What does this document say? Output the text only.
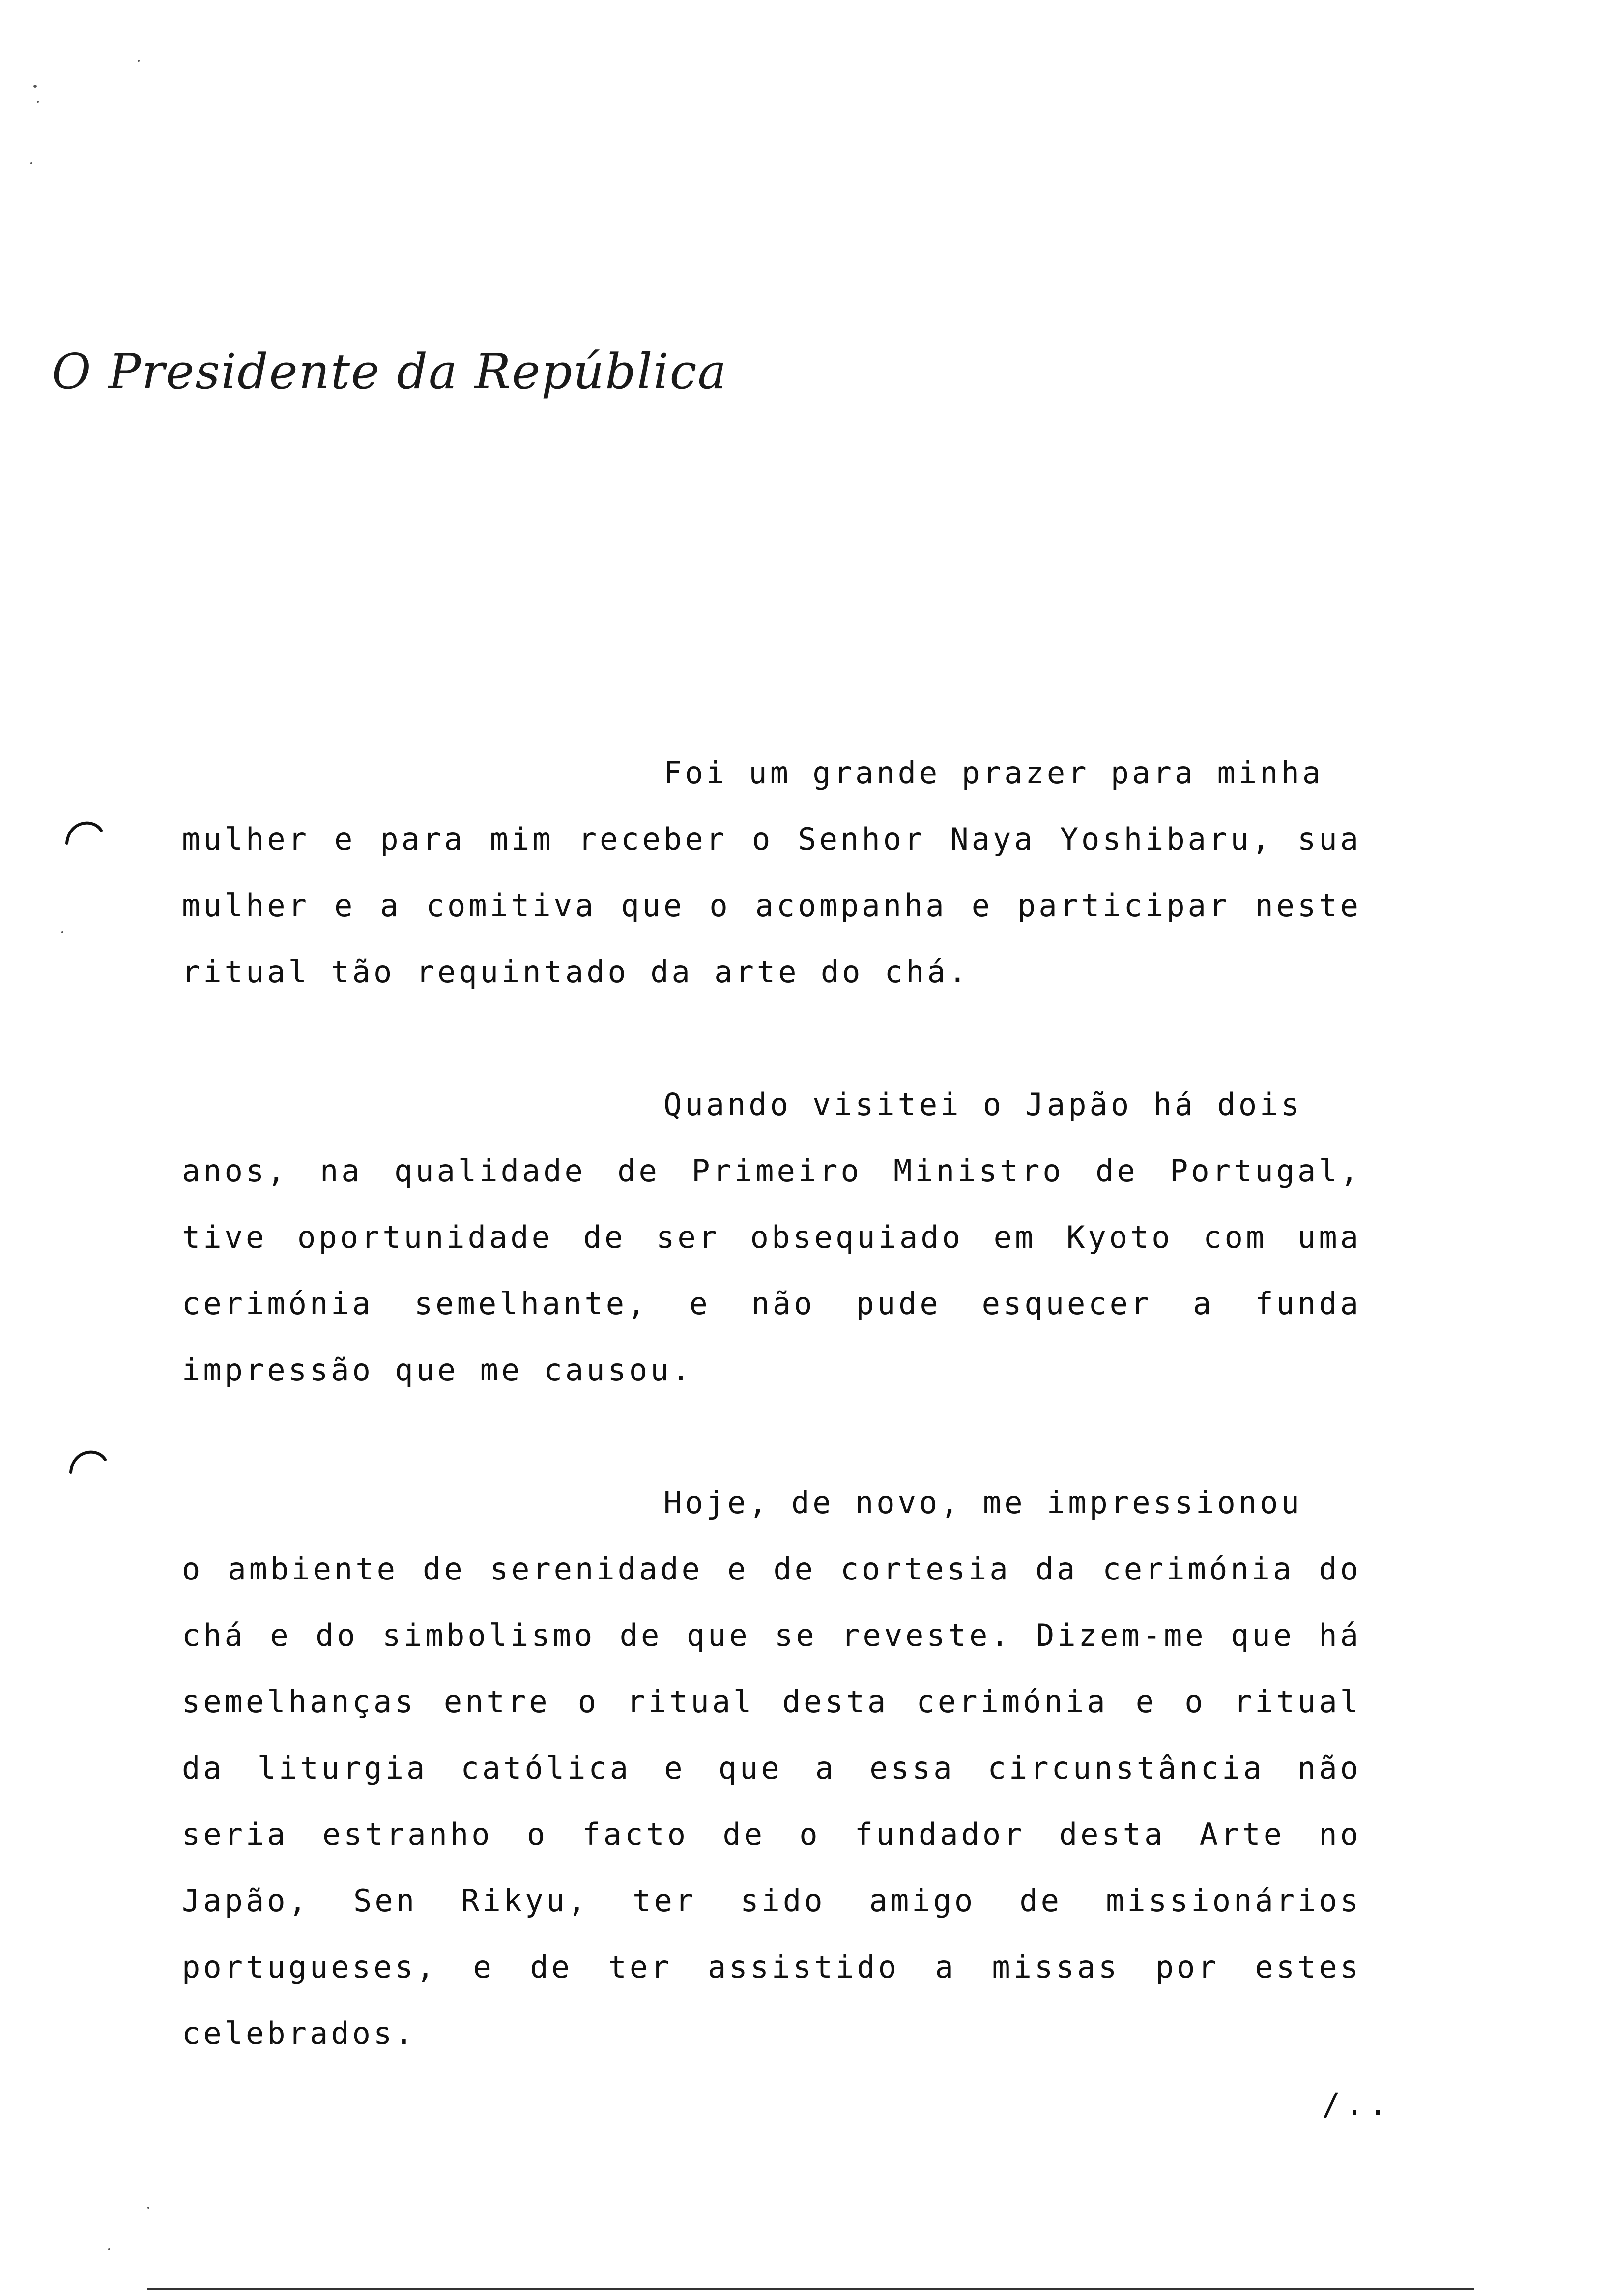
O Presidente da República

Foi um grande prazer para minha
mulher e para mim receber o Senhor Naya Yoshibaru, sua mulher e a comitiva que o acompanha e participar neste ritual tão requintado da arte do chá.

Quando visitei o Japão há dois
anos, na qualidade de Primeiro Ministro de Portugal, tive oportunidade de ser obsequiado em Kyoto com uma cerimónia semelhante, e não pude esquecer a funda impressão que me causou.

Hoje, de novo, me impressionou
o ambiente de serenidade e de cortesia da cerimónia do chá e do simbolismo de que se reveste. Dizem-me que há semelhanças entre o ritual desta cerimónia e o ritual da liturgia católica e que a essa circunstância não seria estranho o facto de o fundador desta Arte no Japão, Sen Rikyu, ter sido amigo de missionários portugueses, e de ter assistido a missas por estes celebrados.

/..
